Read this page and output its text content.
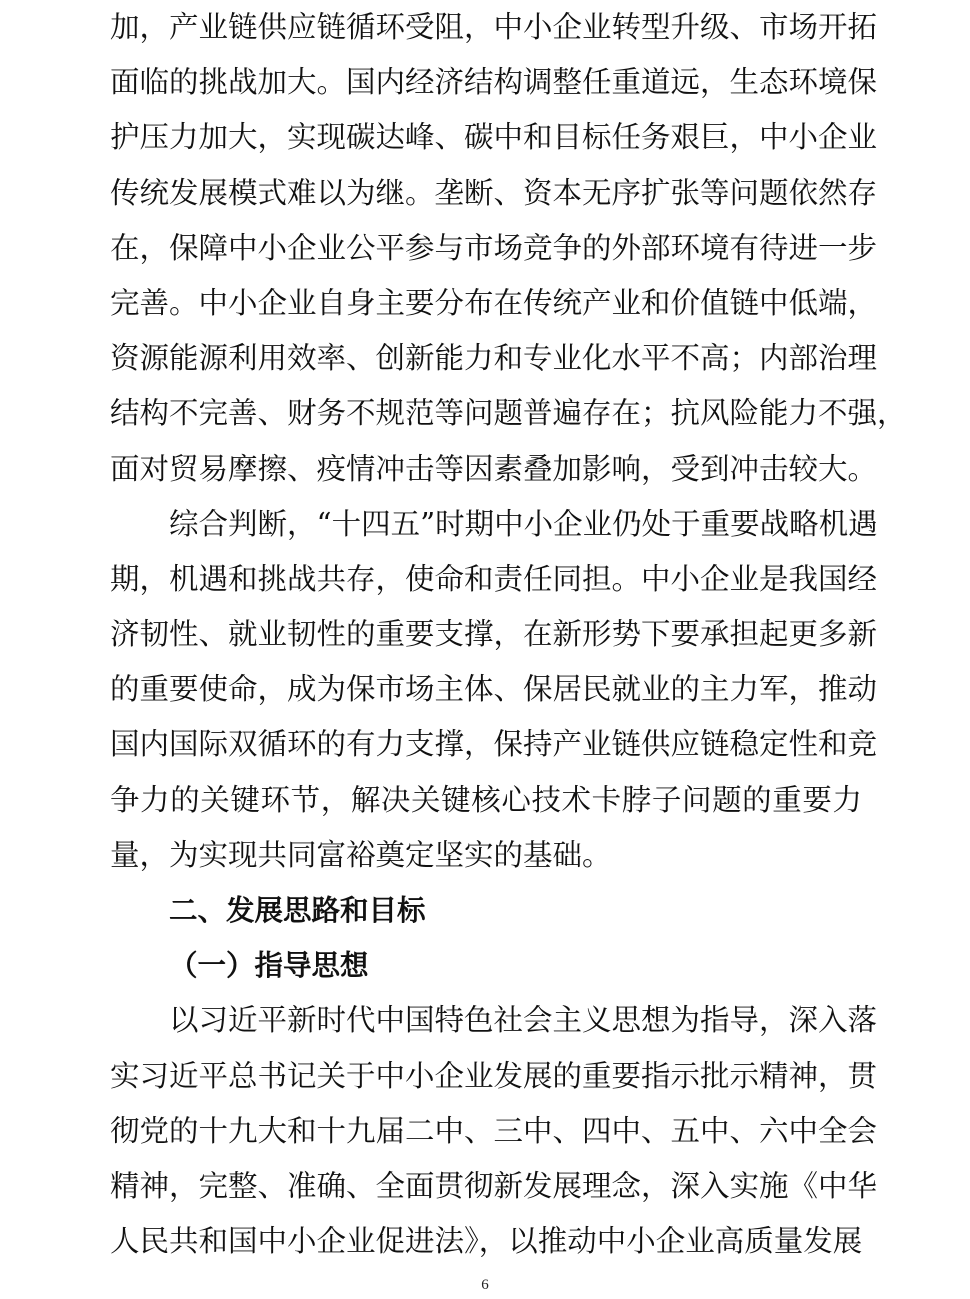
加，产业链供应链循环受阻，中小企业转型升级、市场开拓
面临的挑战加大。国内经济结构调整任重道远，生态环境保
护压力加大，实现碳达峰、碳中和目标任务艰巨，中小企业
传统发展模式难以为继。垄断、资本无序扩张等问题依然存
在，保障中小企业公平参与市场竞争的外部环境有待进一步
完善。中小企业自身主要分布在传统产业和价值链中低端，
资源能源利用效率、创新能力和专业化水平不高；内部治理
结构不完善、财务不规范等问题普遍存在；抗风险能力不强，
面对贸易摩擦、疫情冲击等因素叠加影响，受到冲击较大。
综合判断，“十四五”时期中小企业仍处于重要战略机遇
期，机遇和挑战共存，使命和责任同担。中小企业是我国经
济韧性、就业韧性的重要支撑，在新形势下要承担起更多新
的重要使命，成为保市场主体、保居民就业的主力军，推动
国内国际双循环的有力支撑，保持产业链供应链稳定性和竞
争力的关键环节，解决关键核心技术卡脖子问题的重要力
量，为实现共同富裕奠定坚实的基础。
二、发展思路和目标
（一）指导思想
以习近平新时代中国特色社会主义思想为指导，深入落
实习近平总书记关于中小企业发展的重要指示批示精神，贯
彻党的十九大和十九届二中、三中、四中、五中、六中全会
精神，完整、准确、全面贯彻新发展理念，深入实施《中华
人民共和国中小企业促进法》，以推动中小企业高质量发展
6
